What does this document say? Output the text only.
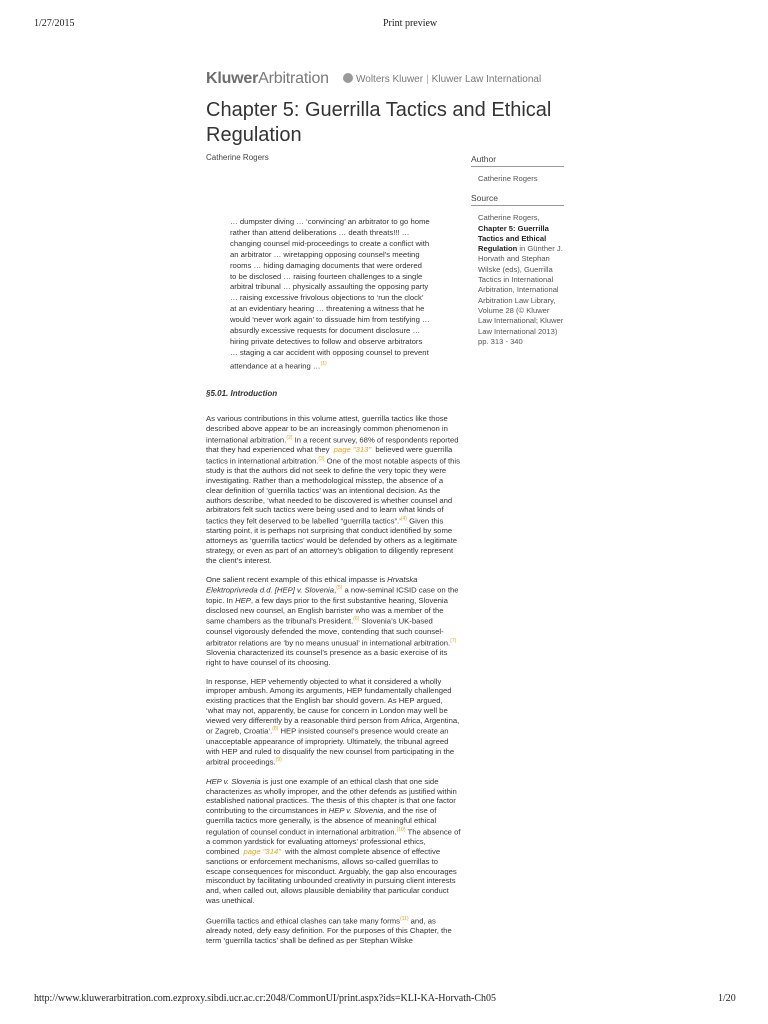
1/27/2015	Print preview
KluwerArbitration	Wolters Kluwer | Kluwer Law International
Chapter 5: Guerrilla Tactics and Ethical Regulation
Catherine Rogers	Author
Catherine Rogers
Source
Catherine Rogers, Chapter 5: Guerrilla Tactics and Ethical Regulation in Günther J. Horvath and Stephan Wilske (eds), Guerrilla Tactics in International Arbitration, International Arbitration Law Library, Volume 28 (© Kluwer Law International; Kluwer Law International 2013) pp. 313 - 340

… dumpster diving … ‘convincing’ an arbitrator to go home rather than attend deliberations … death threats!!! … changing counsel mid-proceedings to create a conflict with an arbitrator … wiretapping opposing counsel’s meeting rooms … hiding damaging documents that were ordered to be disclosed … raising fourteen challenges to a single arbitral tribunal … physically assaulting the opposing party … raising excessive frivolous objections to ‘run the clock’ at an evidentiary hearing … threatening a witness that he would ‘never work again’ to dissuade him from testifying … absurdly excessive requests for document disclosure … hiring private detectives to follow and observe arbitrators … staging a car accident with opposing counsel to prevent attendance at a hearing …$^{(1)}$

§5.01. Introduction

As various contributions in this volume attest, guerrilla tactics like those described above appear to be an increasingly common phenomenon in international arbitration.$^{(2)}$ In a recent survey, 68% of respondents reported that they had experienced what they page "313" believed were guerrilla tactics in international arbitration.$^{(3)}$ One of the most notable aspects of this study is that the authors did not seek to define the very topic they were investigating. Rather than a methodological misstep, the absence of a clear definition of ‘guerrilla tactics’ was an intentional decision. As the authors describe, ‘what needed to be discovered is whether counsel and arbitrators felt such tactics were being used and to learn what kinds of tactics they felt deserved to be labelled “guerrilla tactics”.’$^{(4)}$ Given this starting point, it is perhaps not surprising that conduct identified by some attorneys as ‘guerrilla tactics’ would be defended by others as a legitimate strategy, or even as part of an attorney’s obligation to diligently represent the client’s interest.

One salient recent example of this ethical impasse is Hrvatska Elektroprivreda d.d. [HEP] v. Slovenia,$^{(5)}$ a now-seminal ICSID case on the topic. In HEP, a few days prior to the first substantive hearing, Slovenia disclosed new counsel, an English barrister who was a member of the same chambers as the tribunal’s President.$^{(6)}$ Slovenia’s UK-based counsel vigorously defended the move, contending that such counsel-arbitrator relations are ‘by no means unusual’ in international arbitration.$^{(7)}$ Slovenia characterized its counsel’s presence as a basic exercise of its right to have counsel of its choosing.

In response, HEP vehemently objected to what it considered a wholly improper ambush. Among its arguments, HEP fundamentally challenged existing practices that the English bar should govern. As HEP argued, ‘what may not, apparently, be cause for concern in London may well be viewed very differently by a reasonable third person from Africa, Argentina, or Zagreb, Croatia’.$^{(8)}$ HEP insisted counsel’s presence would create an unacceptable appearance of impropriety. Ultimately, the tribunal agreed with HEP and ruled to disqualify the new counsel from participating in the arbitral proceedings.$^{(9)}$

HEP v. Slovenia is just one example of an ethical clash that one side characterizes as wholly improper, and the other defends as justified within established national practices. The thesis of this chapter is that one factor contributing to the circumstances in HEP v. Slovenia, and the rise of guerrilla tactics more generally, is the absence of meaningful ethical regulation of counsel conduct in international arbitration.$^{(10)}$ The absence of a common yardstick for evaluating attorneys’ professional ethics, combined page "314" with the almost complete absence of effective sanctions or enforcement mechanisms, allows so-called guerrillas to escape consequences for misconduct. Arguably, the gap also encourages misconduct by facilitating unbounded creativity in pursuing client interests and, when called out, allows plausible deniability that particular conduct was unethical.

Guerrilla tactics and ethical clashes can take many forms$^{(11)}$ and, as already noted, defy easy definition. For the purposes of this Chapter, the term ‘guerrilla tactics’ shall be defined as per Stephan Wilske

http://www.kluwerarbitration.com.ezproxy.sibdi.ucr.ac.cr:2048/CommonUI/print.aspx?ids=KLI-KA-Horvath-Ch05	1/20
